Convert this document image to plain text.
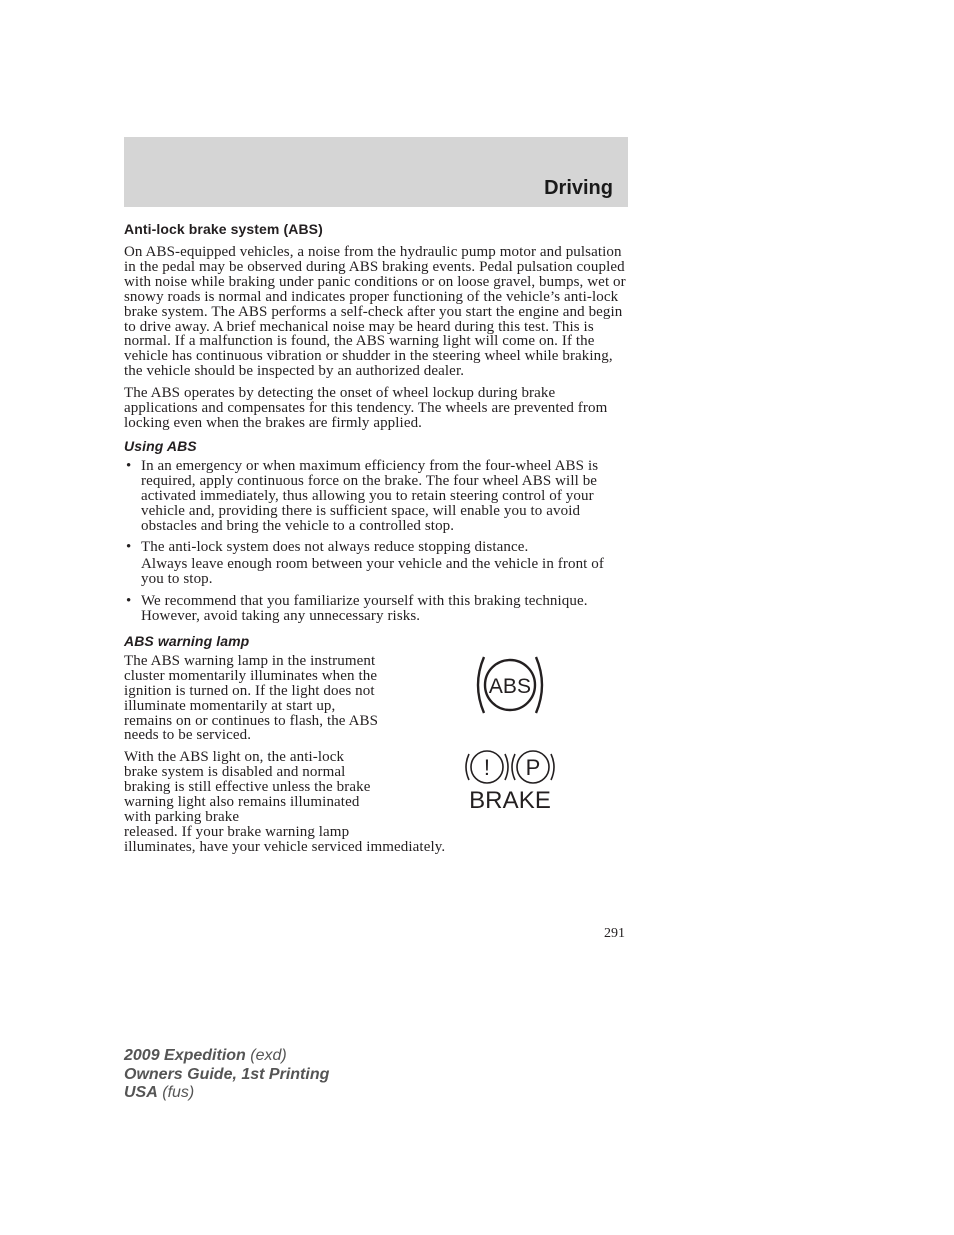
Driving
Anti-lock brake system (ABS)

On ABS-equipped vehicles, a noise from the hydraulic pump motor and pulsation in the pedal may be observed during ABS braking events. Pedal pulsation coupled with noise while braking under panic conditions or on loose gravel, bumps, wet or snowy roads is normal and indicates proper functioning of the vehicle’s anti-lock brake system. The ABS performs a self-check after you start the engine and begin to drive away. A brief mechanical noise may be heard during this test. This is normal. If a malfunction is found, the ABS warning light will come on. If the vehicle has continuous vibration or shudder in the steering wheel while braking, the vehicle should be inspected by an authorized dealer.

The ABS operates by detecting the onset of wheel lockup during brake applications and compensates for this tendency. The wheels are prevented from locking even when the brakes are firmly applied.

Using ABS
• In an emergency or when maximum efficiency from the four-wheel ABS is required, apply continuous force on the brake. The four wheel ABS will be activated immediately, thus allowing you to retain steering control of your vehicle and, providing there is sufficient space, will enable you to avoid obstacles and bring the vehicle to a controlled stop.
• The anti-lock system does not always reduce stopping distance.
Always leave enough room between your vehicle and the vehicle in front of you to stop.
• We recommend that you familiarize yourself with this braking technique. However, avoid taking any unnecessary risks.
ABS warning lamp
ABS
The ABS warning lamp in the instrument cluster momentarily illuminates when the ignition is turned on. If the light does not illuminate momentarily at start up,
remains on or continues to flash, the ABS needs to be serviced.
! P
BRAKE
With the ABS light on, the anti-lock brake system is disabled and normal braking is still effective unless the brake warning light also remains illuminated with parking brake
released. If your brake warning lamp illuminates, have your vehicle serviced immediately.
291
2009 Expedition (exd)
Owners Guide, 1st Printing
USA (fus)
